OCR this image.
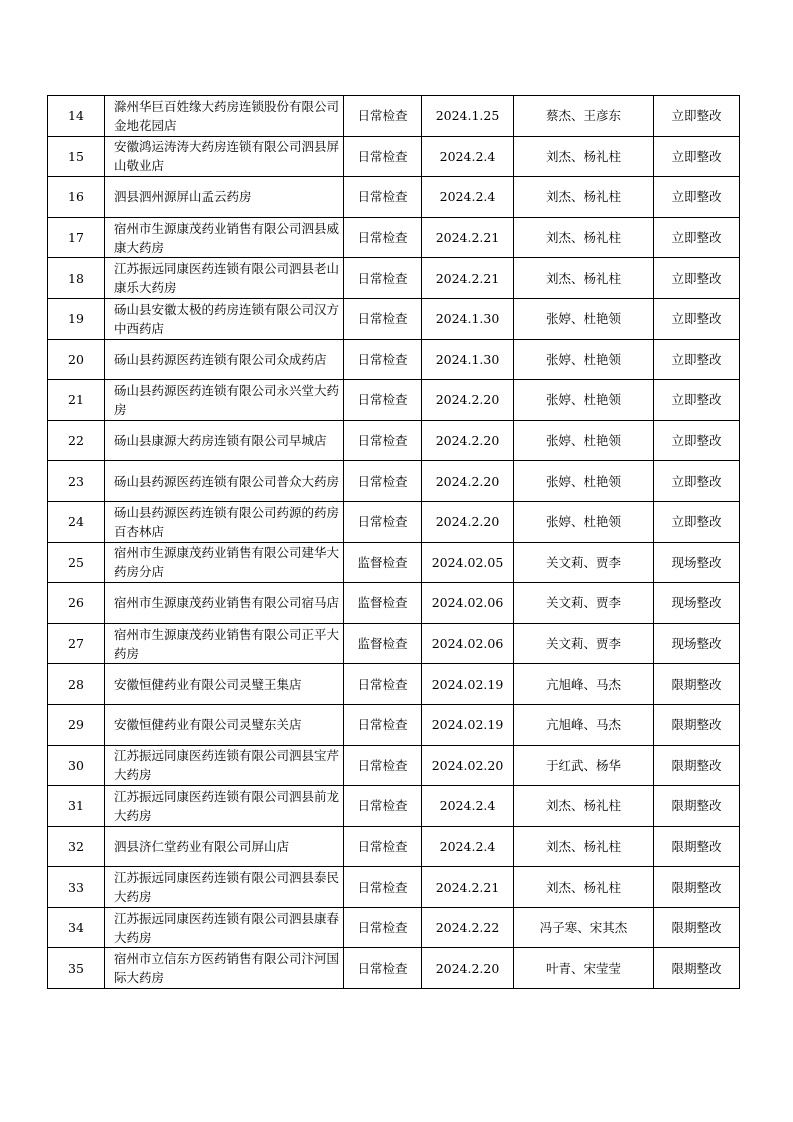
14	滁州华巨百姓缘大药房连锁股份有限公司金地花园店	日常检查	2024.1.25	蔡杰、王彦东	立即整改
15	安徽鸿运涛涛大药房连锁有限公司泗县屏山敬业店	日常检查	2024.2.4	刘杰、杨礼柱	立即整改
16	泗县泗州源屏山孟云药房	日常检查	2024.2.4	刘杰、杨礼柱	立即整改
17	宿州市生源康茂药业销售有限公司泗县威康大药房	日常检查	2024.2.21	刘杰、杨礼柱	立即整改
18	江苏振远同康医药连锁有限公司泗县老山康乐大药房	日常检查	2024.2.21	刘杰、杨礼柱	立即整改
19	砀山县安徽太极的药房连锁有限公司汉方中西药店	日常检查	2024.1.30	张婷、杜艳领	立即整改
20	砀山县药源医药连锁有限公司众成药店	日常检查	2024.1.30	张婷、杜艳领	立即整改
21	砀山县药源医药连锁有限公司永兴堂大药房	日常检查	2024.2.20	张婷、杜艳领	立即整改
22	砀山县康源大药房连锁有限公司早城店	日常检查	2024.2.20	张婷、杜艳领	立即整改
23	砀山县药源医药连锁有限公司普众大药房	日常检查	2024.2.20	张婷、杜艳领	立即整改
24	砀山县药源医药连锁有限公司药源的药房百杏林店	日常检查	2024.2.20	张婷、杜艳领	立即整改
25	宿州市生源康茂药业销售有限公司建华大药房分店	监督检查	2024.02.05	关文莉、贾李	现场整改
26	宿州市生源康茂药业销售有限公司宿马店	监督检查	2024.02.06	关文莉、贾李	现场整改
27	宿州市生源康茂药业销售有限公司正平大药房	监督检查	2024.02.06	关文莉、贾李	现场整改
28	安徽恒健药业有限公司灵璧王集店	日常检查	2024.02.19	亢旭峰、马杰	限期整改
29	安徽恒健药业有限公司灵璧东关店	日常检查	2024.02.19	亢旭峰、马杰	限期整改
30	江苏振远同康医药连锁有限公司泗县宝芹大药房	日常检查	2024.02.20	于红武、杨华	限期整改
31	江苏振远同康医药连锁有限公司泗县前龙大药房	日常检查	2024.2.4	刘杰、杨礼柱	限期整改
32	泗县济仁堂药业有限公司屏山店	日常检查	2024.2.4	刘杰、杨礼柱	限期整改
33	江苏振远同康医药连锁有限公司泗县泰民大药房	日常检查	2024.2.21	刘杰、杨礼柱	限期整改
34	江苏振远同康医药连锁有限公司泗县康春大药房	日常检查	2024.2.22	冯子寒、宋其杰	限期整改
35	宿州市立信东方医药销售有限公司汴河国际大药房	日常检查	2024.2.20	叶青、宋莹莹	限期整改
